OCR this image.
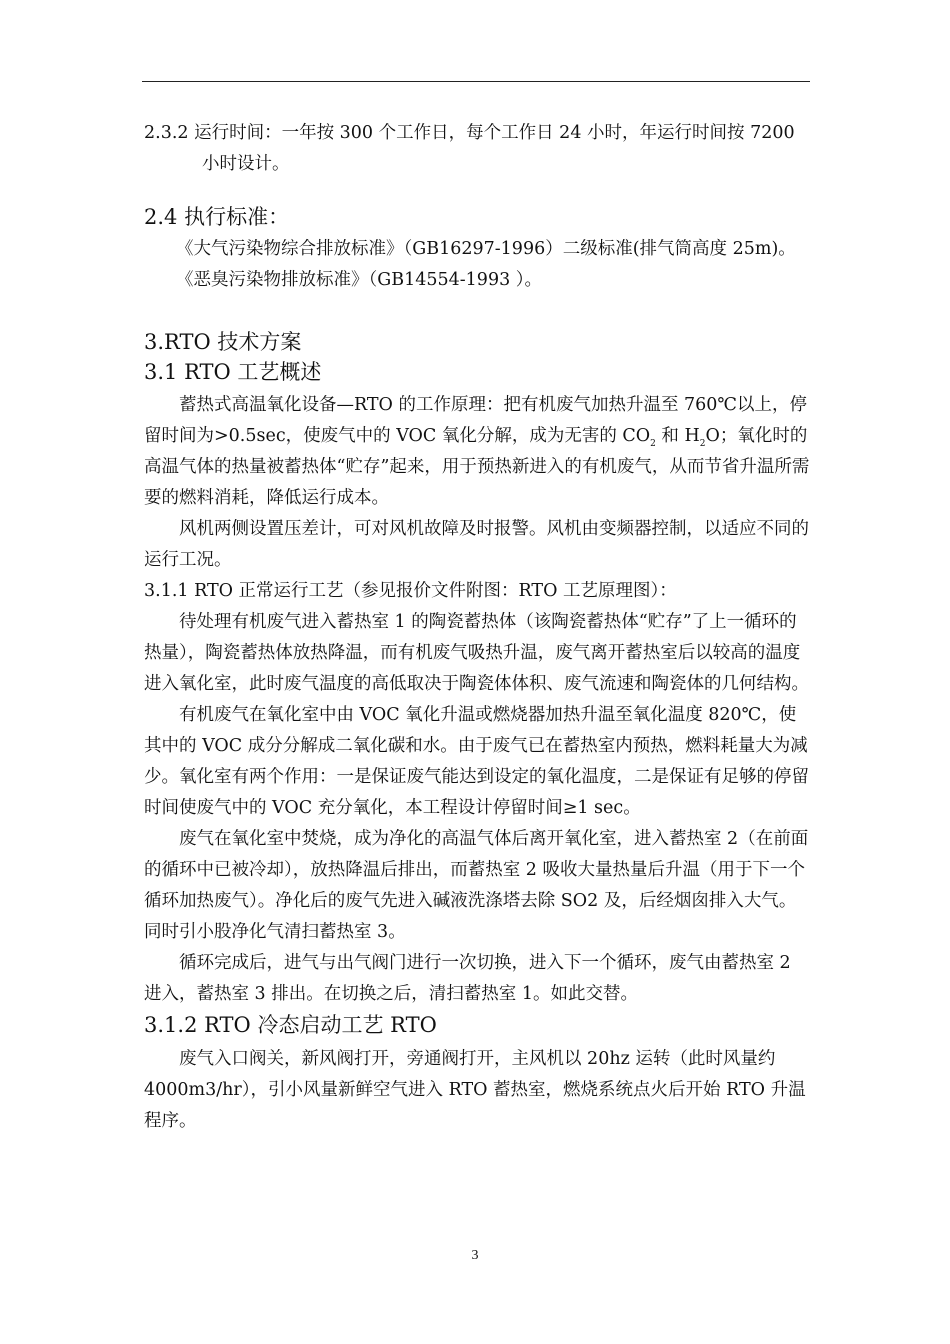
2.3.2 运行时间：一年按 300 个工作日，每个工作日 24 小时，年运行时间按 7200 小时设计。

2.4 执行标准：

《大气污染物综合排放标准》（GB16297-1996）二级标准(排气筒高度 25m)。

《恶臭污染物排放标准》（GB14554-1993 ）。

3.RTO 技术方案

3.1 RTO 工艺概述

蓄热式高温氧化设备—RTO 的工作原理：把有机废气加热升温至 760℃以上，停留时间为>0.5sec，使废气中的 VOC 氧化分解，成为无害的 $CO_2$ 和 $H_2O$；氧化时的高温气体的热量被蓄热体“贮存”起来，用于预热新进入的有机废气，从而节省升温所需要的燃料消耗，降低运行成本。

风机两侧设置压差计，可对风机故障及时报警。风机由变频器控制，以适应不同的运行工况。

3.1.1 RTO 正常运行工艺（参见报价文件附图：RTO 工艺原理图）：

待处理有机废气进入蓄热室 1 的陶瓷蓄热体（该陶瓷蓄热体“贮存”了上一循环的热量），陶瓷蓄热体放热降温，而有机废气吸热升温，废气离开蓄热室后以较高的温度进入氧化室，此时废气温度的高低取决于陶瓷体体积、废气流速和陶瓷体的几何结构。

有机废气在氧化室中由 VOC 氧化升温或燃烧器加热升温至氧化温度 820℃，使其中的 VOC 成分分解成二氧化碳和水。由于废气已在蓄热室内预热，燃料耗量大为减少。氧化室有两个作用：一是保证废气能达到设定的氧化温度，二是保证有足够的停留时间使废气中的 VOC 充分氧化，本工程设计停留时间≥1 sec。

废气在氧化室中焚烧，成为净化的高温气体后离开氧化室，进入蓄热室 2（在前面的循环中已被冷却），放热降温后排出，而蓄热室 2 吸收大量热量后升温（用于下一个循环加热废气）。净化后的废气先进入碱液洗涤塔去除 SO2 及，后经烟囱排入大气。同时引小股净化气清扫蓄热室 3。

循环完成后，进气与出气阀门进行一次切换，进入下一个循环，废气由蓄热室 2 进入，蓄热室 3 排出。在切换之后，清扫蓄热室 1。如此交替。

3.1.2 RTO 冷态启动工艺 RTO

废气入口阀关，新风阀打开，旁通阀打开，主风机以 20hz 运转（此时风量约 4000m3/hr），引小风量新鲜空气进入 RTO 蓄热室，燃烧系统点火后开始 RTO 升温程序。

3
